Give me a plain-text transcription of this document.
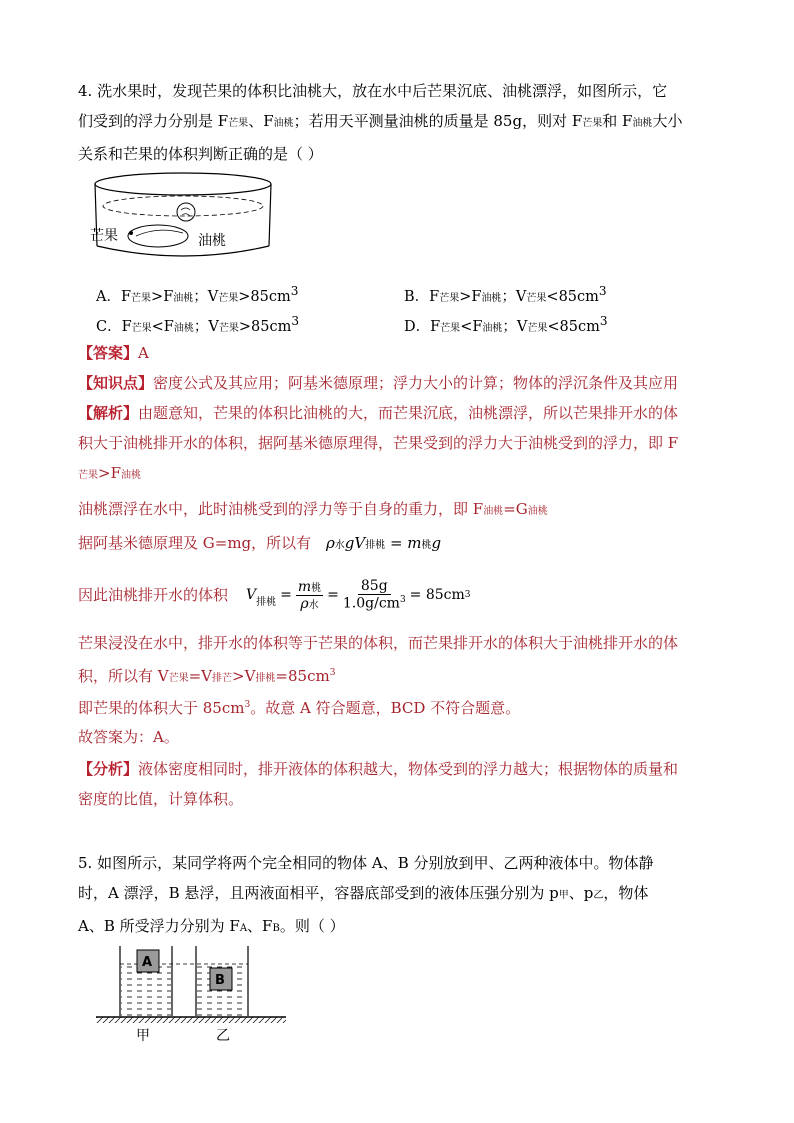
4. 洗水果时，发现芒果的体积比油桃大，放在水中后芒果沉底、油桃漂浮，如图所示，它
们受到的浮力分别是 F芒果、F油桃；若用天平测量油桃的质量是 85g，则对 F芒果和 F油桃大小
关系和芒果的体积判断正确的是（ ）
芒果	油桃
A．F芒果>F油桃；V芒果$>85cm^3$	B．F芒果>F油桃；V芒果$<85cm^3$
C．F芒果<F油桃；V芒果$>85cm^3$	D．F芒果<F油桃；V芒果$<85cm^3$
【答案】A
【知识点】密度公式及其应用；阿基米德原理；浮力大小的计算；物体的浮沉条件及其应用
【解析】由题意知，芒果的体积比油桃的大，而芒果沉底，油桃漂浮，所以芒果排开水的体
积大于油桃排开水的体积，据阿基米德原理得，芒果受到的浮力大于油桃受到的浮力，即 F
芒果>F油桃
油桃漂浮在水中，此时油桃受到的浮力等于自身的重力，即 F油桃=G油桃
据阿基米德原理及 G=mg，所以有 ρ水gV排桃 = m桃g
因此油桃排开水的体积	V 排桃 =
m桃
ρ水
= $\frac{85g}{1.0g/cm^3} = 85cm$ 3
芒果浸没在水中，排开水的体积等于芒果的体积，而芒果排开水的体积大于油桃排开水的体
积，所以有 V芒果=V排芒>V排桃$=85cm^3$
即芒果的体积大于 $85cm^3$。故意 A 符合题意，BCD 不符合题意。
故答案为：A。
【分析】液体密度相同时，排开液体的体积越大，物体受到的浮力越大；根据物体的质量和
密度的比值，计算体积。
5. 如图所示，某同学将两个完全相同的物体 A、B 分别放到甲、乙两种液体中。物体静
时，A 漂浮，B 悬浮，且两液面相平，容器底部受到的液体压强分别为 p甲、p乙，物体
A、B 所受浮力分别为 FA、FB。则（ ）
A
B
甲	乙
